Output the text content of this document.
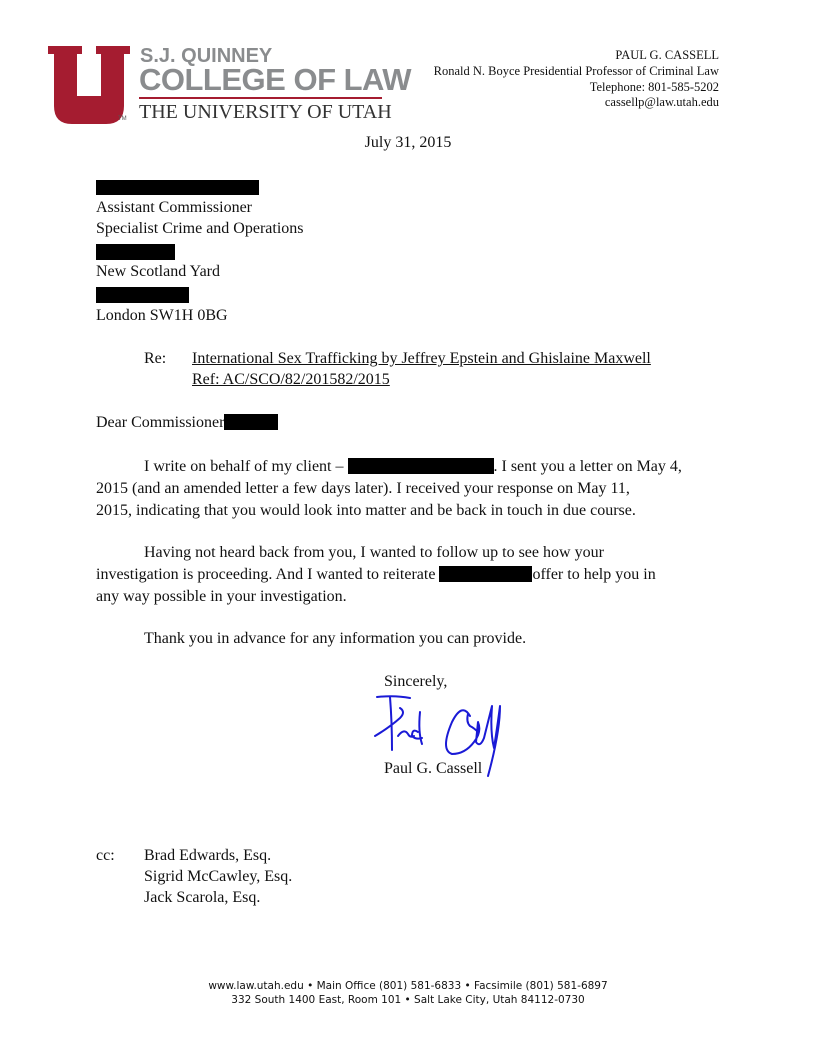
TM
S.J. QUINNEY
COLLEGE OF LAW
THE UNIVERSITY OF UTAH
PAUL G. CASSELL
Ronald N. Boyce Presidential Professor of Criminal Law
Telephone: 801-585-5202
cassellp@law.utah.edu
July 31, 2015
Assistant Commissioner
Specialist Crime and Operations
New Scotland Yard
London SW1H 0BG
Re: International Sex Trafficking by Jeffrey Epstein and Ghislaine Maxwell
Ref: AC/SCO/82/201582/2015
Dear Commissioner
I write on behalf of my client –	. I sent you a letter on May 4,
2015 (and an amended letter a few days later). I received your response on May 11,
2015, indicating that you would look into matter and be back in touch in due course.
Having not heard back from you, I wanted to follow up to see how your
investigation is proceeding. And I wanted to reiterate	offer to help you in
any way possible in your investigation.
Thank you in advance for any information you can provide.
Sincerely,
Paul G. Cassell
cc: Brad Edwards, Esq.
Sigrid McCawley, Esq.
Jack Scarola, Esq.
www.law.utah.edu • Main Office (801) 581-6833 • Facsimile (801) 581-6897
332 South 1400 East, Room 101 • Salt Lake City, Utah 84112-0730
